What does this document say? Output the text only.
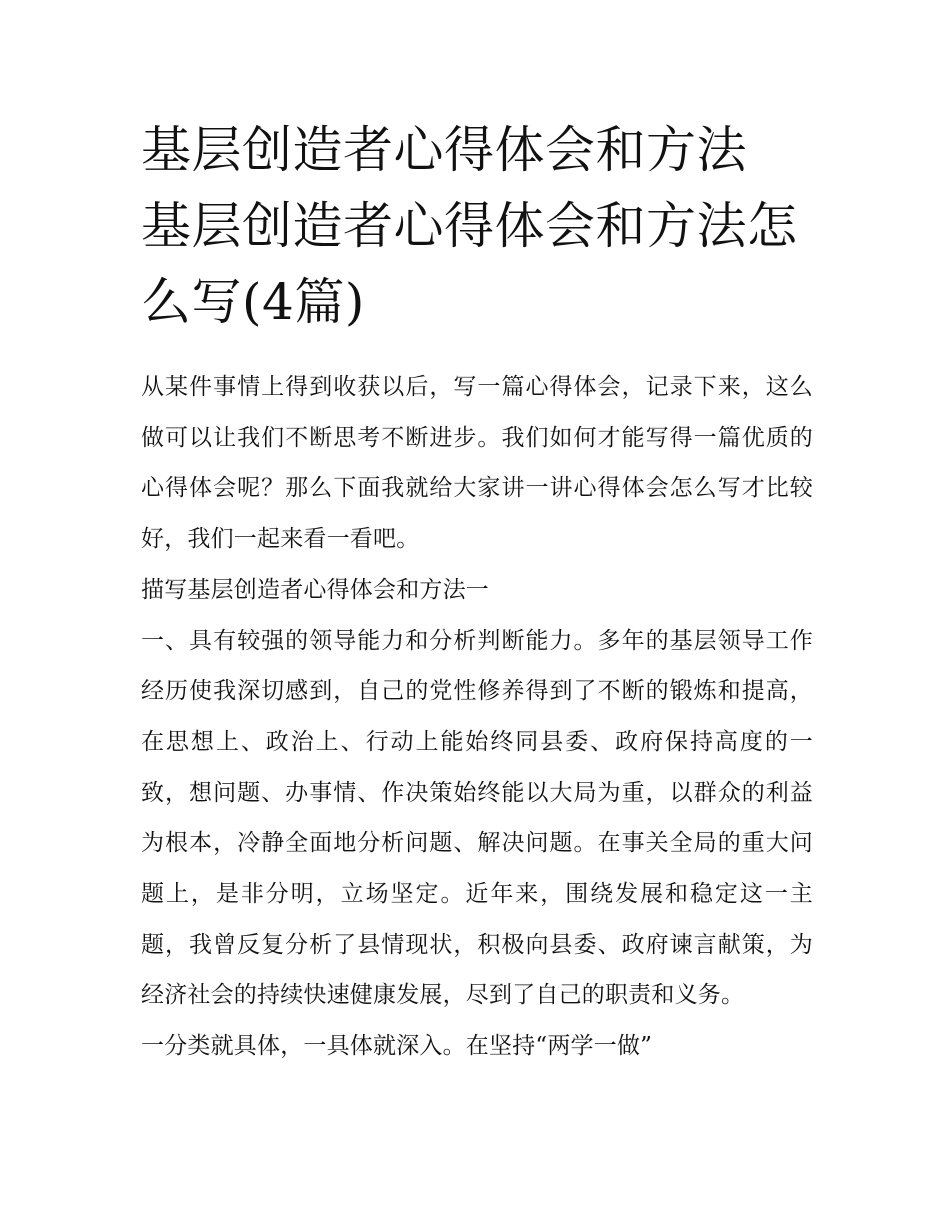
基层创造者心得体会和方法 基层创造者心得体会和方法怎么写(4篇)

从某件事情上得到收获以后，写一篇心得体会，记录下来，这么做可以让我们不断思考不断进步。我们如何才能写得一篇优质的心得体会呢？那么下面我就给大家讲一讲心得体会怎么写才比较好，我们一起来看一看吧。

描写基层创造者心得体会和方法一

一、具有较强的领导能力和分析判断能力。多年的基层领导工作经历使我深切感到，自己的党性修养得到了不断的锻炼和提高，在思想上、政治上、行动上能始终同县委、政府保持高度的一致，想问题、办事情、作决策始终能以大局为重，以群众的利益为根本，冷静全面地分析问题、解决问题。在事关全局的重大问题上，是非分明，立场坚定。近年来，围绕发展和稳定这一主题，我曾反复分析了县情现状，积极向县委、政府谏言献策，为经济社会的持续快速健康发展，尽到了自己的职责和义务。

一分类就具体，一具体就深入。在坚持“两学一做”
